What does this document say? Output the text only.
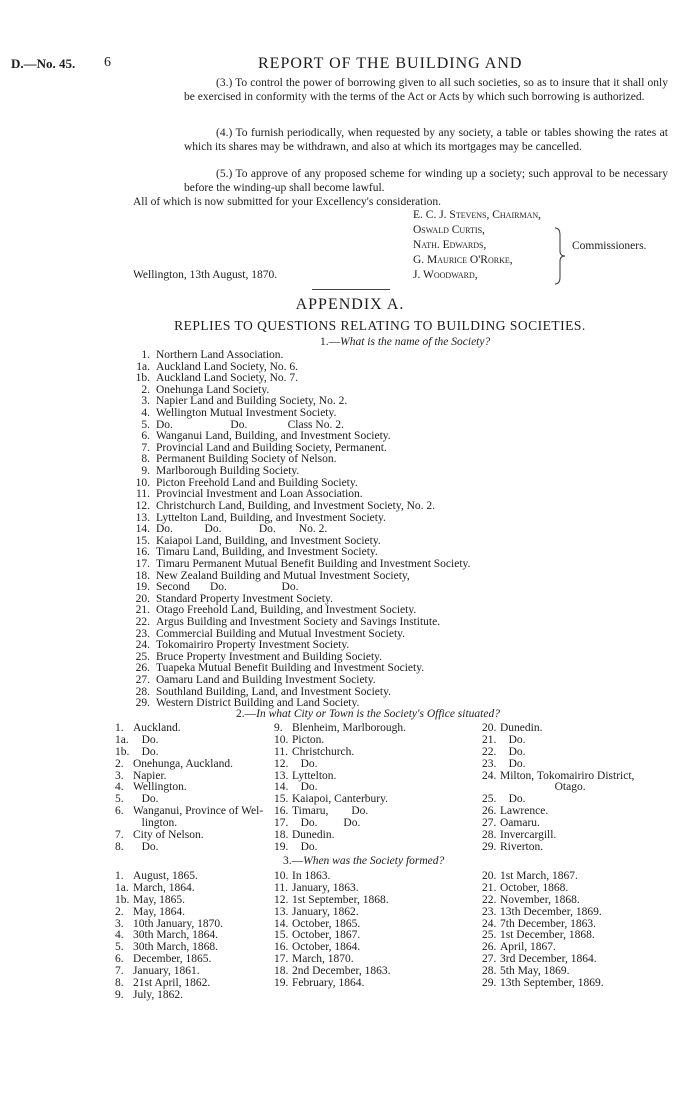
D.—No. 45. 6	REPORT OF THE BUILDING AND
(3.) To control the power of borrowing given to all such societies, so as to insure that it shall only be exercised in conformity with the terms of the Act or Acts by which such borrowing is authorized.
(4.) To furnish periodically, when requested by any society, a table or tables showing the rates at which its shares may be withdrawn, and also at which its mortgages may be cancelled.
(5.) To approve of any proposed scheme for winding up a society; such approval to be necessary before the winding-up shall become lawful.
All of which is now submitted for your Excellency's consideration.
E. C. J. Stevens, Chairman,
Oswald Curtis,
Nath. Edwards,
G. Maurice O'Rorke,
J. Woodward,
Commissioners.
Wellington, 13th August, 1870.
APPENDIX A.
REPLIES TO QUESTIONS RELATING TO BUILDING SOCIETIES.
1.—What is the name of the Society?
1. Northern Land Association.
1a. Auckland Land Society, No. 6.
1b. Auckland Land Society, No. 7.
2. Onehunga Land Society.
3. Napier Land and Building Society, No. 2.
4. Wellington Mutual Investment Society.
5. Do.                    Do.              Class No. 2.
6. Wanganui Land, Building, and Investment Society.
7. Provincial Land and Building Society, Permanent.
8. Permanent Building Society of Nelson.
9. Marlborough Building Society.
10. Picton Freehold Land and Building Society.
11. Provincial Investment and Loan Association.
12. Christchurch Land, Building, and Investment Society, No. 2.
13. Lyttelton Land, Building, and Investment Society.
14. Do.           Do.             Do.        No. 2.
15. Kaiapoi Land, Building, and Investment Society.
16. Timaru Land, Building, and Investment Society.
17. Timaru Permanent Mutual Benefit Building and Investment Society.
18. New Zealand Building and Mutual Investment Society,
19. Second       Do.                   Do.
20. Standard Property Investment Society.
21. Otago Freehold Land, Building, and Investment Society.
22. Argus Building and Investment Society and Savings Institute.
23. Commercial Building and Mutual Investment Society.
24. Tokomairiro Property Investment Society.
25. Bruce Property Investment and Building Society.
26. Tuapeka Mutual Benefit Building and Investment Society.
27. Oamaru Land and Building Investment Society.
28. Southland Building, Land, and Investment Society.
29. Western District Building and Land Society.
2.—In what City or Town is the Society's Office situated?
1. Auckland.
1a.   Do.
1b.   Do.
2. Onehunga, Auckland.
3. Napier.
4. Wellington.
5.   Do.
6. Wanganui, Province of Wel-
lington.
7. City of Nelson.
8.   Do.
9. Blenheim, Marlborough.
10. Picton.
11. Christchurch.
12.   Do.
13. Lyttelton.
14.   Do.
15. Kaiapoi, Canterbury.
16. Timaru,        Do.
17.   Do.         Do.
18. Dunedin.
19.   Do.
20. Dunedin.
21.   Do.
22.   Do.
23.   Do.
24. Milton, Tokomairiro District,
Otago.
25.   Do.
26. Lawrence.
27. Oamaru.
28. Invercargill.
29. Riverton.
3.—When was the Society formed?
1. August, 1865.
1a. March, 1864.
1b. May, 1865.
2. May, 1864.
3. 10th January, 1870.
4. 30th March, 1864.
5. 30th March, 1868.
6. December, 1865.
7. January, 1861.
8. 21st April, 1862.
9. July, 1862.
10. In 1863.
11. January, 1863.
12. 1st September, 1868.
13. January, 1862.
14. October, 1865.
15. October, 1867.
16. October, 1864.
17. March, 1870.
18. 2nd December, 1863.
19. February, 1864.
20. 1st March, 1867.
21. October, 1868.
22. November, 1868.
23. 13th December, 1869.
24. 7th December, 1863.
25. 1st December, 1868.
26. April, 1867.
27. 3rd December, 1864.
28. 5th May, 1869.
29. 13th September, 1869.
